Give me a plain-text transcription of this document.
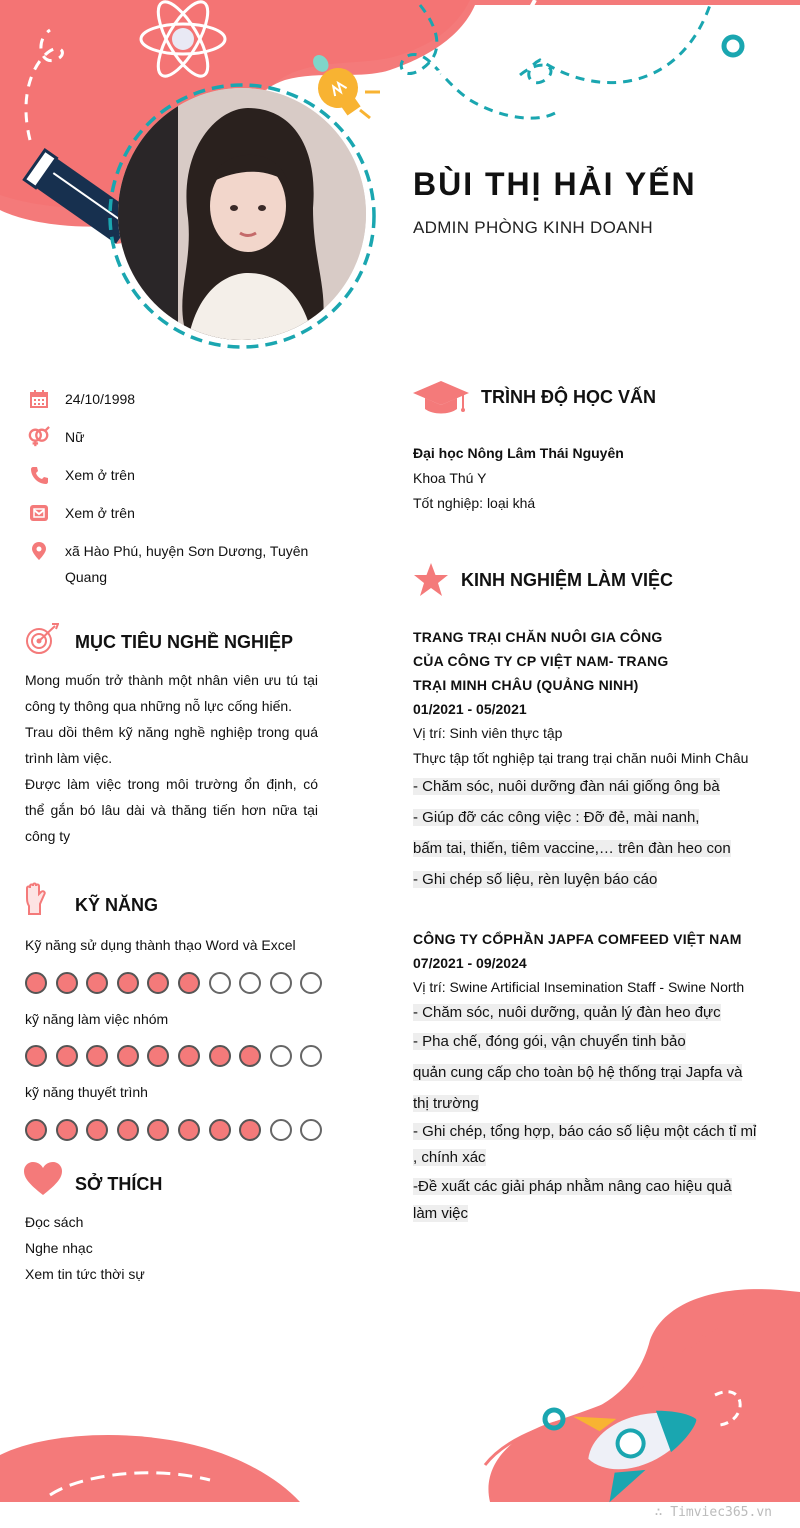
BÙI THỊ HẢI YẾN
ADMIN PHÒNG KINH DOANH
24/10/1998
Nữ
Xem ở trên
Xem ở trên
xã Hào Phú, huyện Sơn Dương, Tuyên Quang
MỤC TIÊU NGHỀ NGHIỆP
Mong muốn trở thành một nhân viên ưu tú tại công ty thông qua những nỗ lực cống hiến.
Trau dồi thêm kỹ năng nghề nghiệp trong quá trình làm việc.
Được làm việc trong môi trường ổn định, có thể gắn bó lâu dài và thăng tiến hơn nữa tại công ty
KỸ NĂNG
Kỹ năng sử dụng thành thạo Word và Excel
kỹ năng làm việc nhóm
kỹ năng thuyết trình
SỞ THÍCH
Đọc sách
Nghe nhạc
Xem tin tức thời sự
TRÌNH ĐỘ HỌC VẤN
Đại học Nông Lâm Thái Nguyên
Khoa Thú Y
Tốt nghiệp: loại khá
KINH NGHIỆM LÀM VIỆC
TRANG TRẠI CHĂN NUÔI GIA CÔNG
CỦA CÔNG TY CP VIỆT NAM- TRANG
TRẠI MINH CHÂU (QUẢNG NINH)
01/2021 - 05/2021
Vị trí: Sinh viên thực tập
Thực tập tốt nghiệp tại trang trại chăn nuôi Minh Châu
- Chăm sóc, nuôi dưỡng đàn nái giống ông bà
- Giúp đỡ các công việc : Đỡ đẻ, mài nanh,
bấm tai, thiến, tiêm vaccine,… trên đàn heo con
- Ghi chép số liệu, rèn luyện báo cáo
CÔNG TY CỔPHẦN JAPFA COMFEED VIỆT NAM
07/2021 - 09/2024
Vị trí: Swine Artificial Insemination Staff - Swine North
- Chăm sóc, nuôi dưỡng, quản lý đàn heo đực
- Pha chế, đóng gói, vận chuyển tinh bảo
quản cung cấp cho toàn bộ hệ thống trại Japfa và
thị trường
- Ghi chép, tổng hợp, báo cáo số liệu một cách tỉ mỉ
, chính xác
-Đề xuất các giải pháp nhằm nâng cao hiệu quả
làm việc
∴ Timviec365.vn
